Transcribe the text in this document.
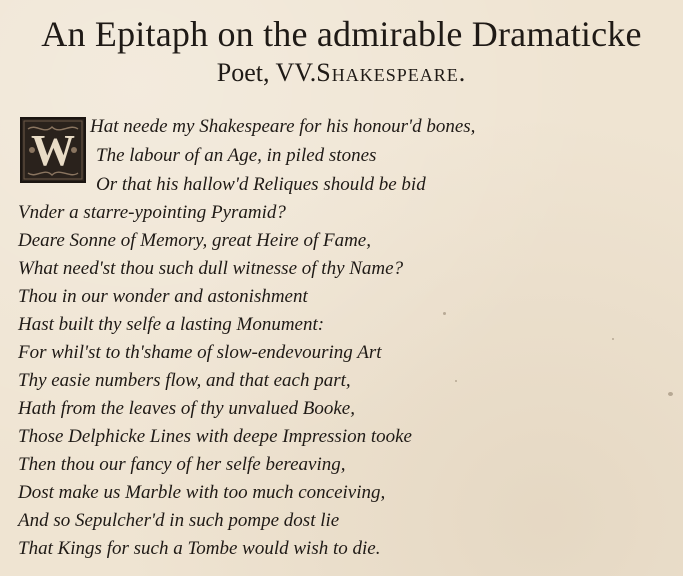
An Epitaph on the admirable Dramaticke
Poet, VV.Shakespeare.
W Hat neede my Shakespeare for his honour'd bones,
The labour of an Age, in piled stones
Or that his hallow'd Reliques should be bid
Vnder a starre-ypointing Pyramid?
Deare Sonne of Memory, great Heire of Fame,
What need'st thou such dull witnesse of thy Name?
Thou in our wonder and astonishment
Hast built thy selfe a lasting Monument:
For whil'st to th'shame of slow-endevouring Art
Thy easie numbers flow, and that each part,
Hath from the leaves of thy unvalued Booke,
Those Delphicke Lines with deepe Impression tooke
Then thou our fancy of her selfe bereaving,
Dost make us Marble with too much conceiving,
And so Sepulcher'd in such pompe dost lie
That Kings for such a Tombe would wish to die.
